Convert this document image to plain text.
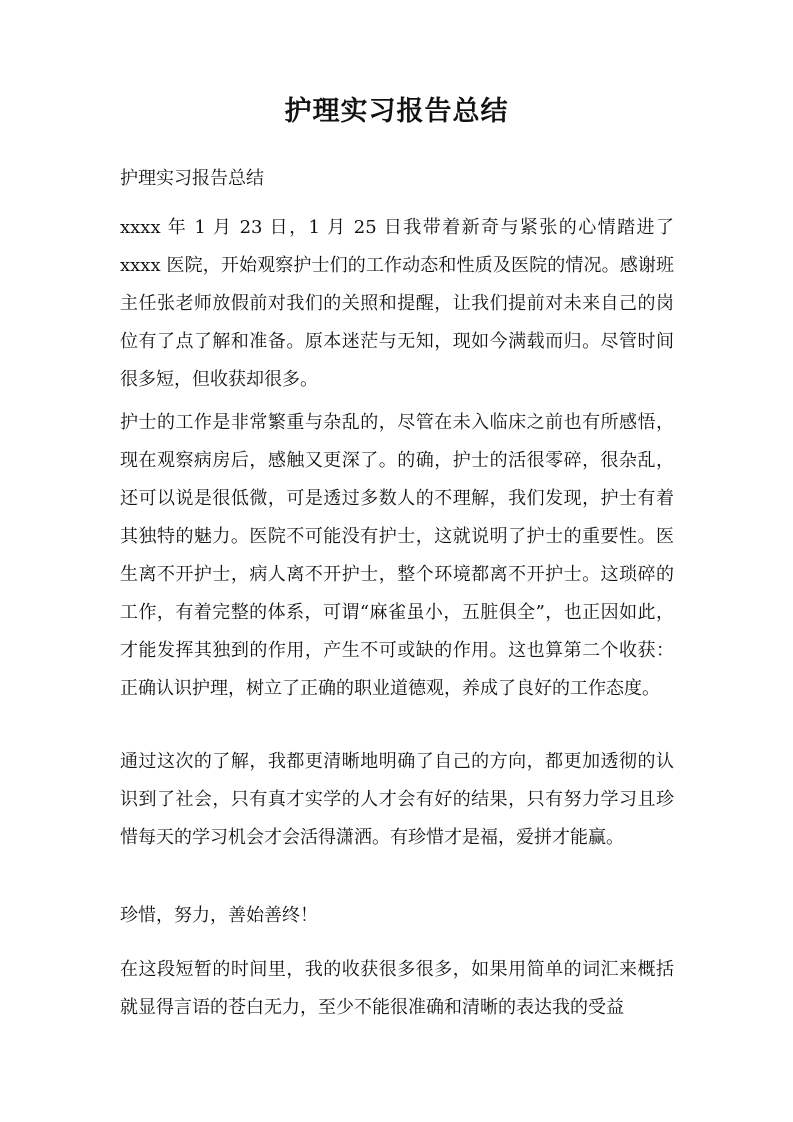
护理实习报告总结

护理实习报告总结

xxxx 年 1 月 23 日，1 月 25 日我带着新奇与紧张的心情踏进了 xxxx 医院，开始观察护士们的工作动态和性质及医院的情况。感谢班主任张老师放假前对我们的关照和提醒，让我们提前对未来自己的岗位有了点了解和准备。原本迷茫与无知，现如今满载而归。尽管时间很多短，但收获却很多。

护士的工作是非常繁重与杂乱的，尽管在未入临床之前也有所感悟，现在观察病房后，感触又更深了。的确，护士的活很零碎，很杂乱，还可以说是很低微，可是透过多数人的不理解，我们发现，护士有着其独特的魅力。医院不可能没有护士，这就说明了护士的重要性。医生离不开护士，病人离不开护士，整个环境都离不开护士。这琐碎的工作，有着完整的体系，可谓“麻雀虽小，五脏俱全”，也正因如此，才能发挥其独到的作用，产生不可或缺的作用。这也算第二个收获：正确认识护理，树立了正确的职业道德观，养成了良好的工作态度。

通过这次的了解，我都更清晰地明确了自己的方向，都更加透彻的认识到了社会，只有真才实学的人才会有好的结果，只有努力学习且珍惜每天的学习机会才会活得潇洒。有珍惜才是福，爱拼才能赢。

珍惜，努力，善始善终！

在这段短暂的时间里，我的收获很多很多，如果用简单的词汇来概括就显得言语的苍白无力，至少不能很准确和清晰的表达我的受益
